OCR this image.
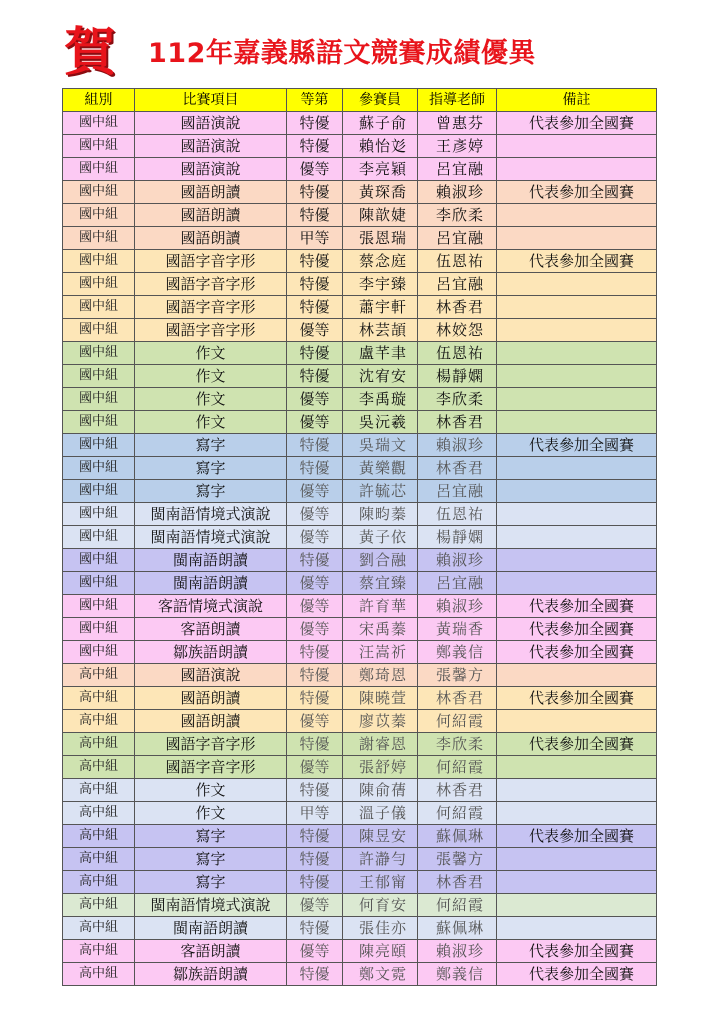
賀 112年嘉義縣語文競賽成績優異
組別	比賽項目	等第	參賽員	指導老師	備註
國中組	國語演說	特優	蘇子俞	曾惠芬	代表參加全國賽
國中組	國語演說	特優	賴怡彣	王彥婷	
國中組	國語演說	優等	李亮穎	呂宜融	
國中組	國語朗讀	特優	黃琛喬	賴淑珍	代表參加全國賽
國中組	國語朗讀	特優	陳歆婕	李欣柔	
國中組	國語朗讀	甲等	張恩瑞	呂宜融	
國中組	國語字音字形	特優	蔡念庭	伍恩祐	代表參加全國賽
國中組	國語字音字形	特優	李宇臻	呂宜融	
國中組	國語字音字形	特優	蕭宇軒	林香君	
國中組	國語字音字形	優等	林芸頡	林姣怨	
國中組	作文	特優	盧芊聿	伍恩祐	
國中組	作文	特優	沈宥安	楊靜嫻	
國中組	作文	優等	李禹璇	李欣柔	
國中組	作文	優等	吳沅羲	林香君	
國中組	寫字	特優	吳瑞文	賴淑珍	代表參加全國賽
國中組	寫字	特優	黃樂觀	林香君	
國中組	寫字	優等	許毓芯	呂宜融	
國中組	閩南語情境式演說	優等	陳畇蓁	伍恩祐	
國中組	閩南語情境式演說	優等	黃子依	楊靜嫻	
國中組	閩南語朗讀	特優	劉合融	賴淑珍	
國中組	閩南語朗讀	優等	蔡宜臻	呂宜融	
國中組	客語情境式演說	優等	許育華	賴淑珍	代表參加全國賽
國中組	客語朗讀	優等	宋禹蓁	黃瑞香	代表參加全國賽
國中組	鄒族語朗讀	特優	汪嵩祈	鄭義信	代表參加全國賽
高中組	國語演說	特優	鄭琦恩	張馨方	
高中組	國語朗讀	特優	陳曉萱	林香君	代表參加全國賽
高中組	國語朗讀	優等	廖苡蓁	何紹霞	
高中組	國語字音字形	特優	謝睿恩	李欣柔	代表參加全國賽
高中組	國語字音字形	優等	張舒婷	何紹霞	
高中組	作文	特優	陳俞蒨	林香君	
高中組	作文	甲等	溫子儀	何紹霞	
高中組	寫字	特優	陳昱安	蘇佩琳	代表參加全國賽
高中組	寫字	特優	許瀞勻	張馨方	
高中組	寫字	特優	王郁甯	林香君	
高中組	閩南語情境式演說	優等	何育安	何紹霞	
高中組	閩南語朗讀	特優	張佳亦	蘇佩琳	
高中組	客語朗讀	優等	陳亮頤	賴淑珍	代表參加全國賽
高中組	鄒族語朗讀	特優	鄭文霓	鄭義信	代表參加全國賽
